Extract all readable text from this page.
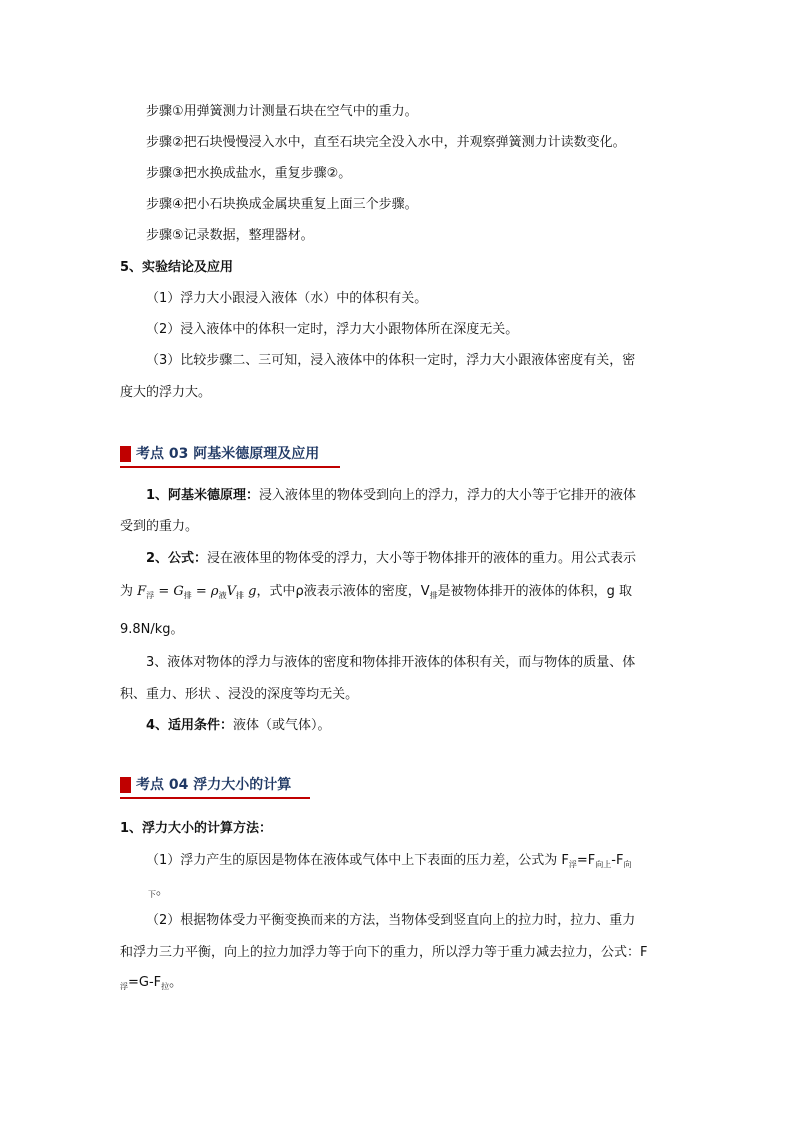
步骤①用弹簧测力计测量石块在空气中的重力。
步骤②把石块慢慢浸入水中，直至石块完全没入水中，并观察弹簧测力计读数变化。
步骤③把水换成盐水，重复步骤②。
步骤④把小石块换成金属块重复上面三个步骤。
步骤⑤记录数据，整理器材。
5、实验结论及应用
（1）浮力大小跟浸入液体（水）中的体积有关。
（2）浸入液体中的体积一定时，浮力大小跟物体所在深度无关。
（3）比较步骤二、三可知，浸入液体中的体积一定时，浮力大小跟液体密度有关，密
度大的浮力大。
考点 03 阿基米德原理及应用
1、阿基米德原理：浸入液体里的物体受到向上的浮力，浮力的大小等于它排开的液体
受到的重力。
2、公式：浸在液体里的物体受的浮力，大小等于物体排开的液体的重力。用公式表示
为 $F_浮 = G_排 = \rho_液V_排$ g，式中ρ液表示液体的密度，$V_排$是被物体排开的液体的体积，g 取
9.8N/kg。
3、液体对物体的浮力与液体的密度和物体排开液体的体积有关，而与物体的质量、体
积、重力、形状 、浸没的深度等均无关。
4、适用条件：液体（或气体）。
考点 04 浮力大小的计算
1、浮力大小的计算方法：
（1）浮力产生的原因是物体在液体或气体中上下表面的压力差，公式为 $F_浮=F_{向上}-F_向$
$_下$。
（2）根据物体受力平衡变换而来的方法，当物体受到竖直向上的拉力时，拉力、重力
和浮力三力平衡，向上的拉力加浮力等于向下的重力，所以浮力等于重力减去拉力，公式：F
$_浮=G-F_拉$。
